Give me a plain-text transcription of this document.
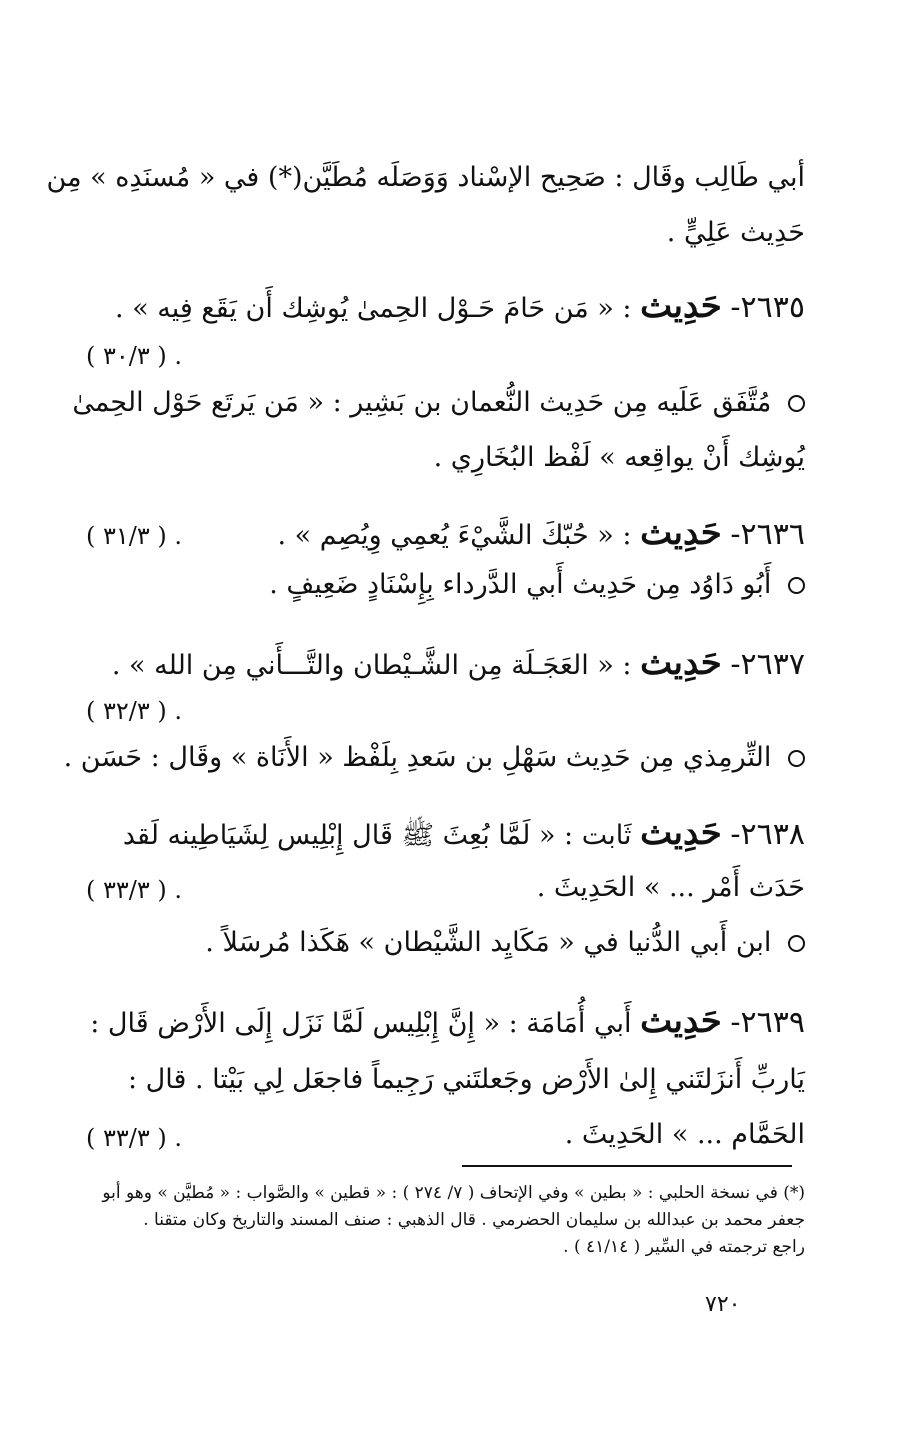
أبي طَالِب وقَال : صَحِيح الإسْناد وَوَصَلَه مُطَيَّن(*) في « مُسنَدِه » مِن
حَدِيث عَلِيٍّ .
٢٦٣٥- حَدِيث : « مَن حَامَ حَـوْل الحِمىٰ يُوشِك أَن يَقَع فِيه » .
. ( ٣٠/٣ )
مُتَّفَق عَلَيه مِن حَدِيث النُّعمان بن بَشِير : « مَن يَرتَع حَوْل الحِمىٰ
يُوشِك أَنْ يواقِعه » لَفْظ البُخَارِي .
٢٦٣٦- حَدِيث : « حُبّكَ الشَّيْءَ يُعمِي وِيُصِم » .
. ( ٣١/٣ )
أَبُو دَاوُد مِن حَدِيث أَبي الدَّرداء بِإِسْنَادٍ ضَعِيفٍ .
٢٦٣٧- حَدِيث : « العَجَـلَة مِن الشَّـيْطان والتَّـــأَني مِن الله » .
. ( ٣٢/٣ )
التِّرمِذي مِن حَدِيث سَهْلِ بن سَعدِ بِلَفْظ « الأَنَاة » وقَال : حَسَن .
٢٦٣٨- حَدِيث ثَابت : « لَمَّا بُعِثَ ﷺ قَال إِبْلِيس لِشَيَاطِينه لَقد
حَدَث أَمْر ... » الحَدِيثَ .
. ( ٣٣/٣ )
ابن أَبي الدُّنيا في « مَكَايِد الشَّيْطان » هَكَذا مُرسَلاً .
٢٦٣٩- حَدِيث أَبي أُمَامَة : « إِنَّ إِبْلِيس لَمَّا نَزَل إِلَى الأَرْض قَال :
يَاربِّ أَنزَلتَني إِلىٰ الأَرْض وجَعلتَني رَجِيماً فاجعَل لِي بَيْتا . قال :
الحَمَّام ... » الحَدِيثَ .
. ( ٣٣/٣ )
(*) في نسخة الحلبي : « بطين » وفي الإتحاف ( ٧/ ٢٧٤ ) : « قطين » والصَّواب : « مُطيَّن » وهو أبو
جعفر محمد بن عبدالله بن سليمان الحضرمي . قال الذهبي : صنف المسند والتاريخ وكان متقنا .
راجع ترجمته في السِّير ( ٤١/١٤ ) .
٧٢٠
